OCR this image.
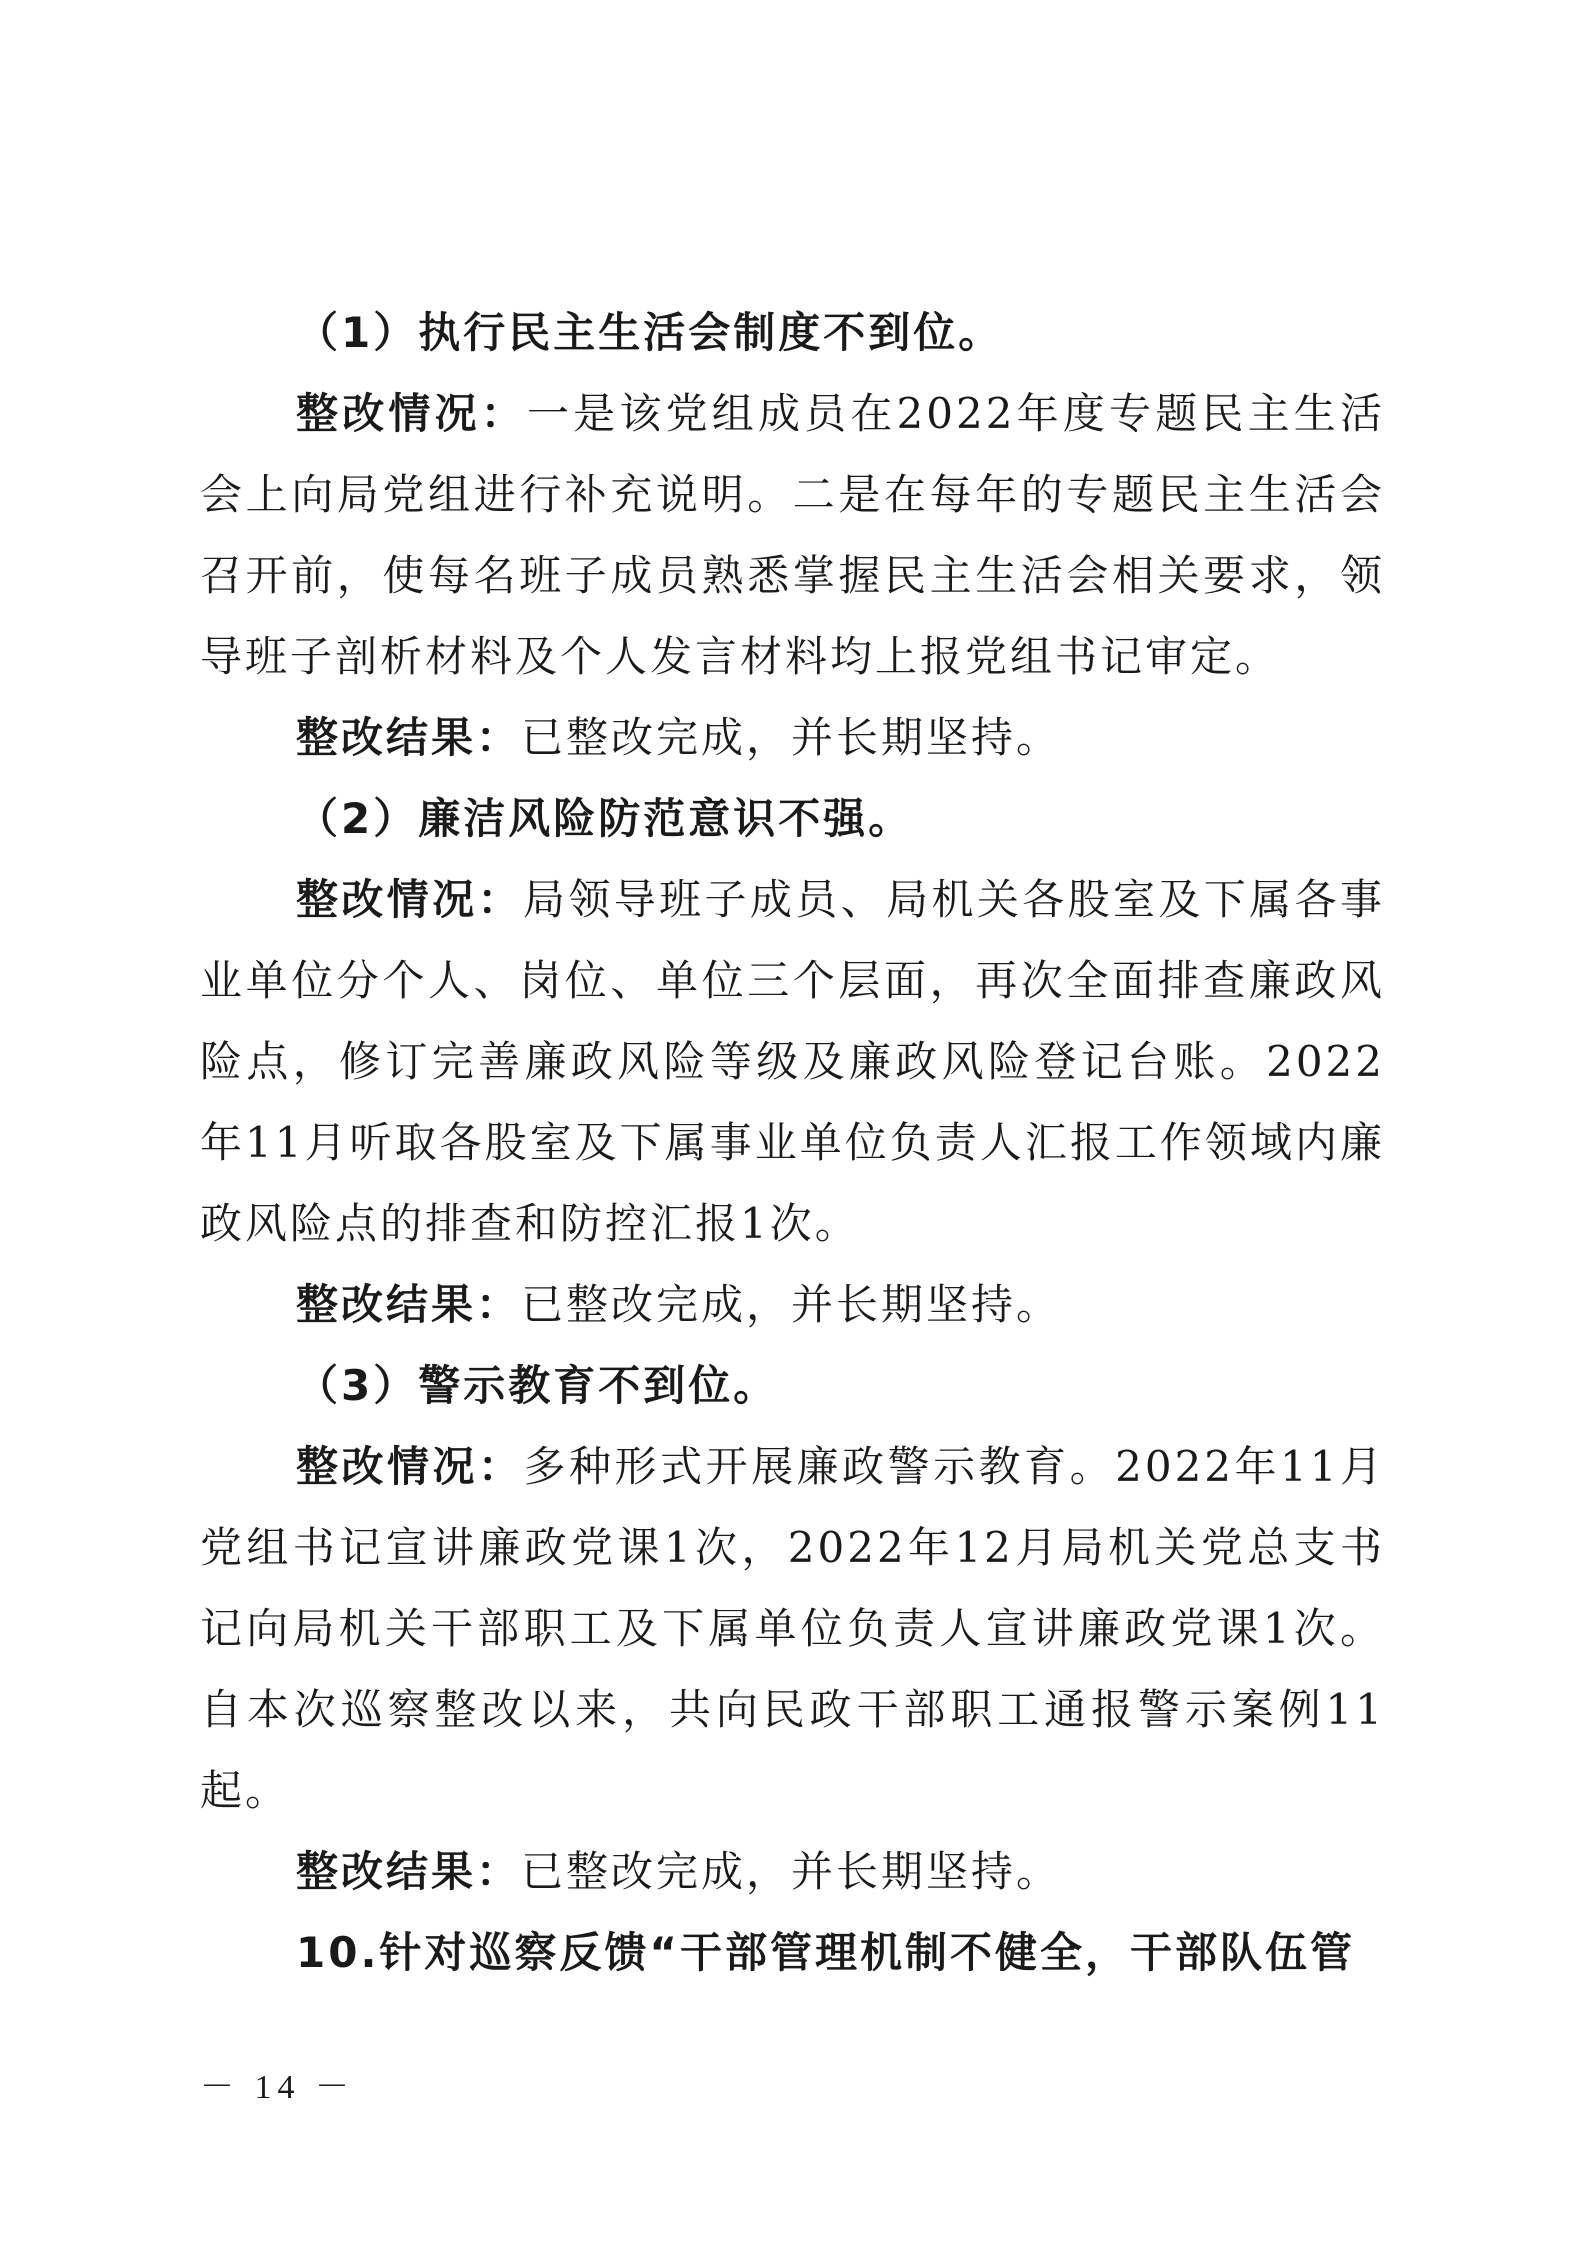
（1）执行民主生活会制度不到位。

整改情况：一是该党组成员在2022年度专题民主生活会上向局党组进行补充说明。二是在每年的专题民主生活会召开前，使每名班子成员熟悉掌握民主生活会相关要求，领导班子剖析材料及个人发言材料均上报党组书记审定。

整改结果：已整改完成，并长期坚持。

（2）廉洁风险防范意识不强。

整改情况：局领导班子成员、局机关各股室及下属各事业单位分个人、岗位、单位三个层面，再次全面排查廉政风险点，修订完善廉政风险等级及廉政风险登记台账。2022年11月听取各股室及下属事业单位负责人汇报工作领域内廉政风险点的排查和防控汇报1次。

整改结果：已整改完成，并长期坚持。

（3）警示教育不到位。

整改情况：多种形式开展廉政警示教育。2022年11月党组书记宣讲廉政党课1次，2022年12月局机关党总支书记向局机关干部职工及下属单位负责人宣讲廉政党课1次。自本次巡察整改以来，共向民政干部职工通报警示案例11起。

整改结果：已整改完成，并长期坚持。

10.针对巡察反馈“干部管理机制不健全，干部队伍管

－ 14 －
